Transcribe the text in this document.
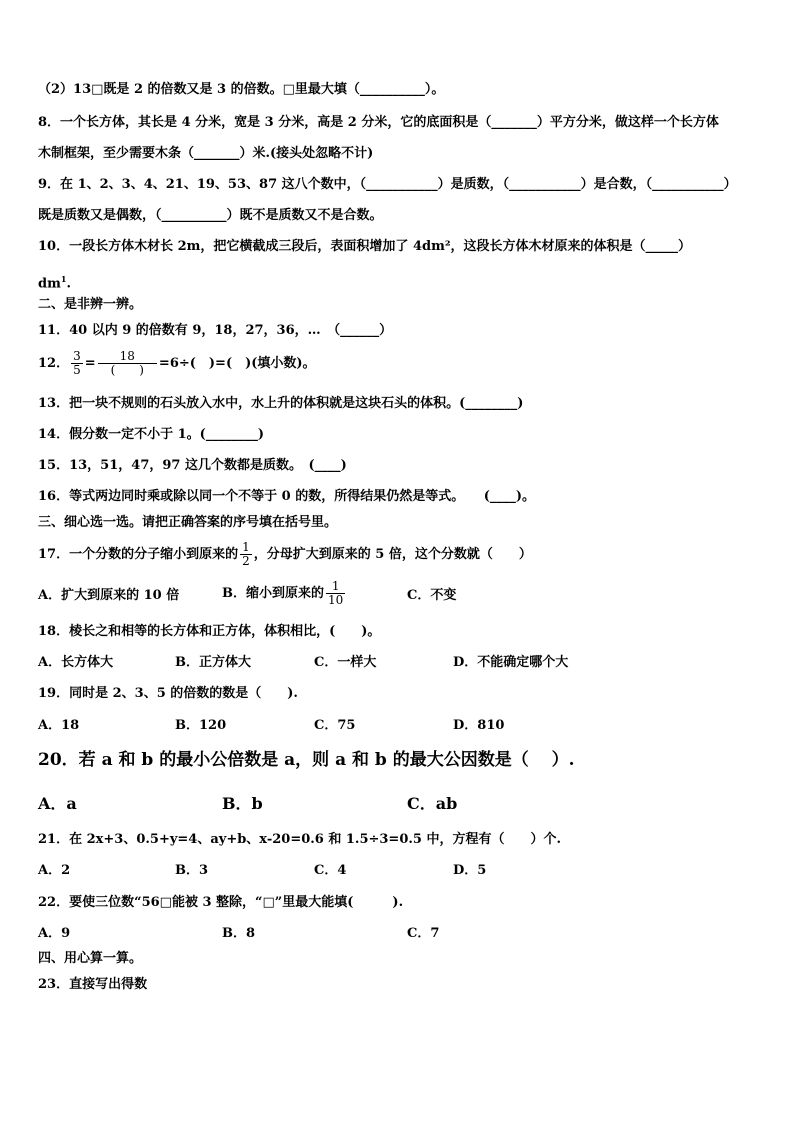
（2）13□既是 2 的倍数又是 3 的倍数。□里最大填（__________）。
8．一个长方体，其长是 4 分米，宽是 3 分米，高是 2 分米，它的底面积是（_______）平方分米，做这样一个长方体
木制框架，至少需要木条（_______）米.(接头处忽略不计)
9．在 1、2、3、4、21、19、53、87 这八个数中，（___________）是质数，（___________）是合数，（___________）
既是质数又是偶数，（__________）既不是质数又不是合数。
10．一段长方体木材长 2m，把它横截成三段后，表面积增加了 4dm²，这段长方体木材原来的体积是（_____）
$dm^1$.
二、是非辨一辨。
11．40 以内 9 的倍数有 9，18，27，36，…　（______）
12． $\frac{3}{5} = \frac{18}{( )} =6\div$(　)=(　)(填小数)。
13．把一块不规则的石头放入水中，水上升的体积就是这块石头的体积。(________)
14．假分数一定不小于 1。(________)
15．13，51，47，97 这几个数都是质数。　(____)
16．等式两边同时乘或除以同一个不等于 0 的数，所得结果仍然是等式。　　(____)。
三、细心选一选。请把正确答案的序号填在括号里。
17．一个分数的分子缩小到原来的 $\frac{1}{2}$ ，分母扩大到原来的 5 倍，这个分数就（　　）
A．扩大到原来的 10 倍	B．缩小到原来的 $\frac{1}{10}$	C．不变
18．棱长之和相等的长方体和正方体，体积相比，(　　)。
A．长方体大	B．正方体大	C．一样大	D．不能确定哪个大
19．同时是 2、3、5 的倍数的数是（　　).
A．18	B．120	C．75	D．810
20．若 a 和 b 的最小公倍数是 a，则 a 和 b 的最大公因数是（　 ）.
A．a	B．b	C．ab
21．在 2x+3、0.5+y=4、ay+b、x-20=0.6 和 1.5÷3=0.5 中，方程有（　　）个.
A．2	B．3	C．4	D．5
22．要使三位数“56□能被 3 整除，“□”里最大能填(　　　).
A．9	B．8	C．7
四、用心算一算。
23．直接写出得数
